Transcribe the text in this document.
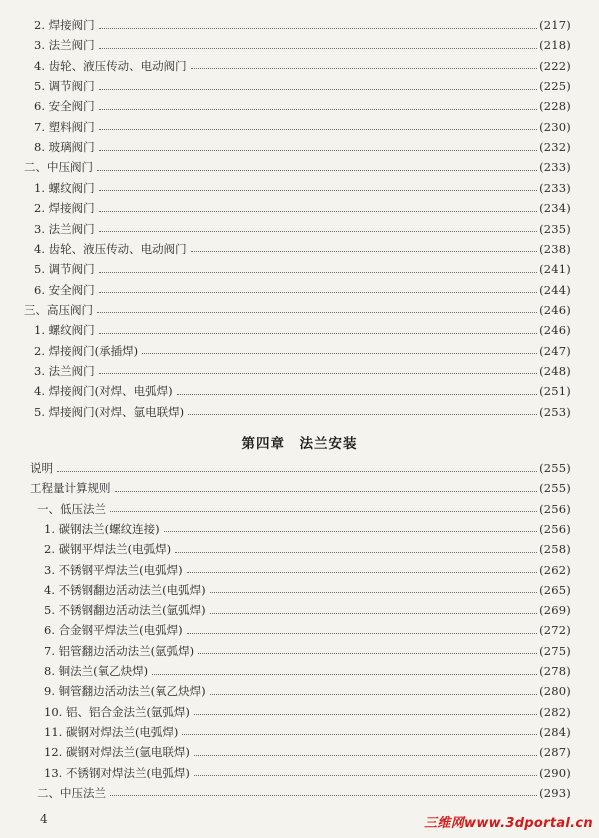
2. 焊接阀门	(217)
3. 法兰阀门	(218)
4. 齿轮、液压传动、电动阀门	(222)
5. 调节阀门	(225)
6. 安全阀门	(228)
7. 塑料阀门	(230)
8. 玻璃阀门	(232)
二、中压阀门	(233)
1. 螺纹阀门	(233)
2. 焊接阀门	(234)
3. 法兰阀门	(235)
4. 齿轮、液压传动、电动阀门	(238)
5. 调节阀门	(241)
6. 安全阀门	(244)
三、高压阀门	(246)
1. 螺纹阀门	(246)
2. 焊接阀门(承插焊)	(247)
3. 法兰阀门	(248)
4. 焊接阀门(对焊、电弧焊)	(251)
5. 焊接阀门(对焊、氩电联焊)	(253)
第四章　法兰安装
说明	(255)
工程量计算规则	(255)
一、低压法兰	(256)
1. 碳钢法兰(螺纹连接)	(256)
2. 碳钢平焊法兰(电弧焊)	(258)
3. 不锈钢平焊法兰(电弧焊)	(262)
4. 不锈钢翻边活动法兰(电弧焊)	(265)
5. 不锈钢翻边活动法兰(氩弧焊)	(269)
6. 合金钢平焊法兰(电弧焊)	(272)
7. 铝管翻边活动法兰(氩弧焊)	(275)
8. 铜法兰(氧乙炔焊)	(278)
9. 铜管翻边活动法兰(氧乙炔焊)	(280)
10. 铝、铝合金法兰(氩弧焊)	(282)
11. 碳钢对焊法兰(电弧焊)	(284)
12. 碳钢对焊法兰(氩电联焊)	(287)
13. 不锈钢对焊法兰(电弧焊)	(290)
二、中压法兰	(293)
4	三维网www.3dportal.cn
